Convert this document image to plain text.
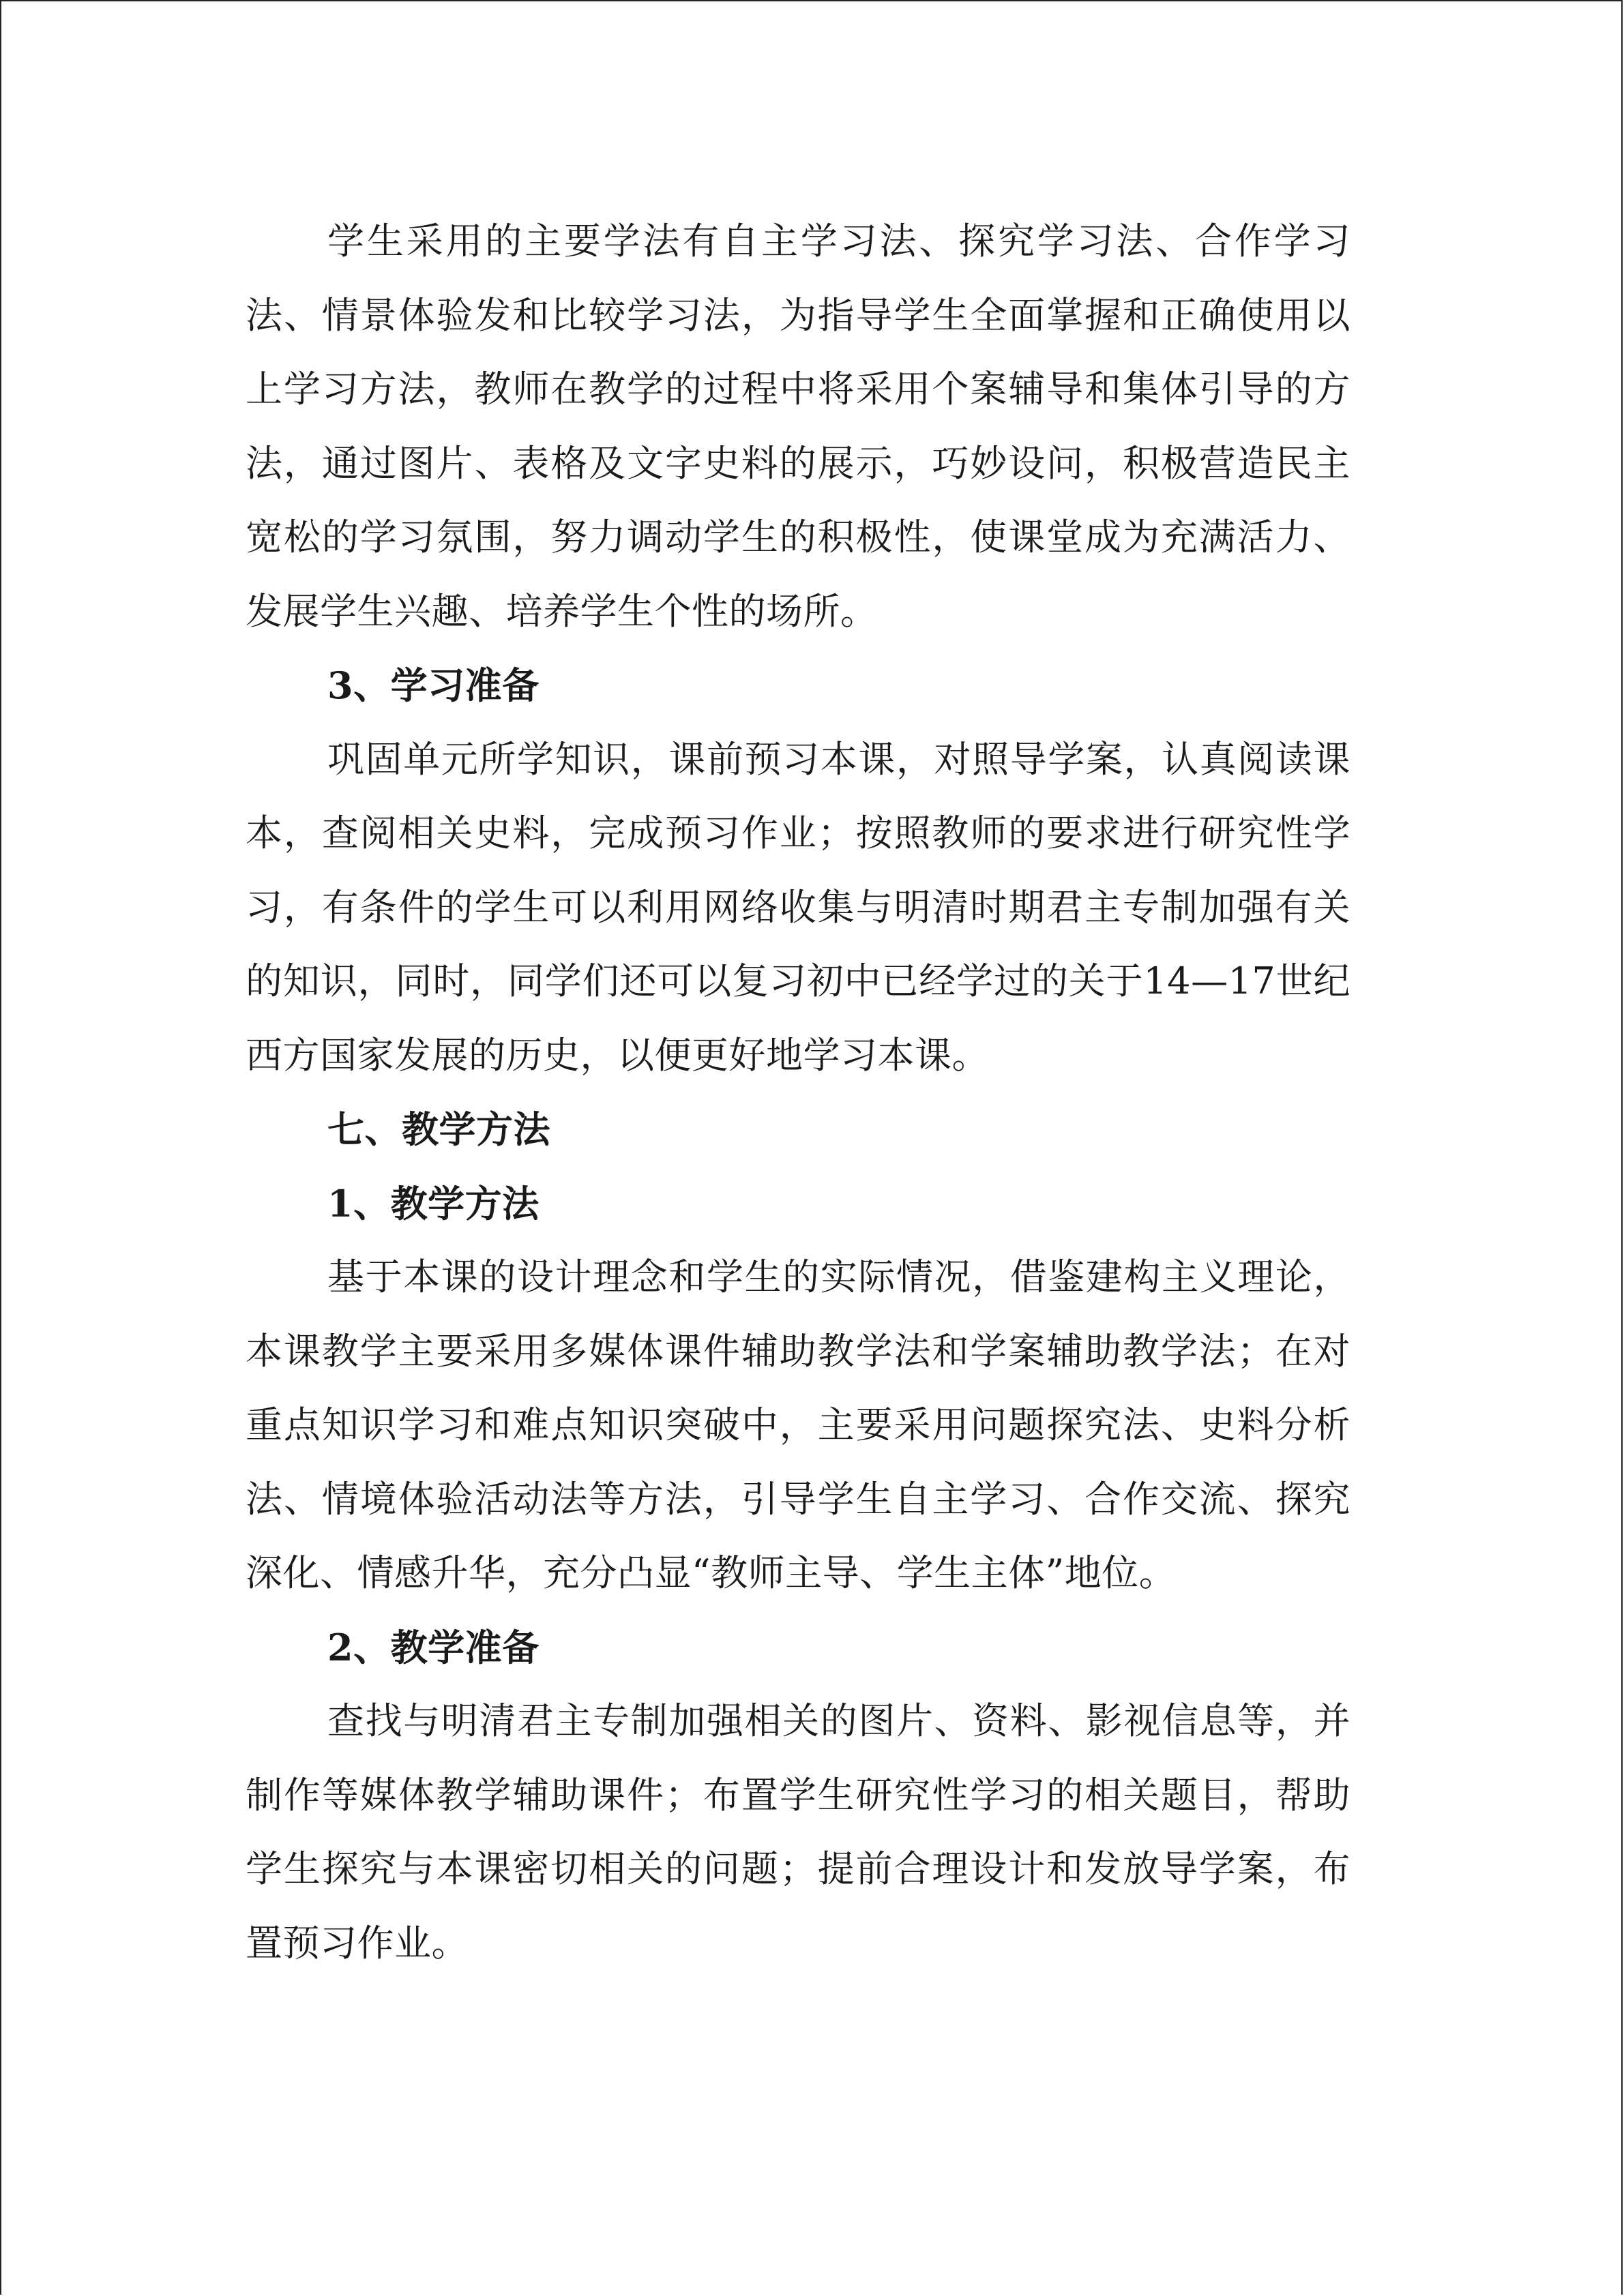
学生采用的主要学法有自主学习法、探究学习法、合作学习法、情景体验发和比较学习法，为指导学生全面掌握和正确使用以上学习方法，教师在教学的过程中将采用个案辅导和集体引导的方法，通过图片、表格及文字史料的展示，巧妙设问，积极营造民主宽松的学习氛围，努力调动学生的积极性，使课堂成为充满活力、发展学生兴趣、培养学生个性的场所。

3、学习准备

巩固单元所学知识，课前预习本课，对照导学案，认真阅读课本，查阅相关史料，完成预习作业；按照教师的要求进行研究性学习，有条件的学生可以利用网络收集与明清时期君主专制加强有关的知识，同时，同学们还可以复习初中已经学过的关于14—17世纪西方国家发展的历史，以便更好地学习本课。

七、教学方法

1、教学方法

基于本课的设计理念和学生的实际情况，借鉴建构主义理论，本课教学主要采用多媒体课件辅助教学法和学案辅助教学法；在对重点知识学习和难点知识突破中，主要采用问题探究法、史料分析法、情境体验活动法等方法，引导学生自主学习、合作交流、探究深化、情感升华，充分凸显“教师主导、学生主体”地位。

2、教学准备

查找与明清君主专制加强相关的图片、资料、影视信息等，并制作等媒体教学辅助课件；布置学生研究性学习的相关题目，帮助学生探究与本课密切相关的问题；提前合理设计和发放导学案，布置预习作业。
